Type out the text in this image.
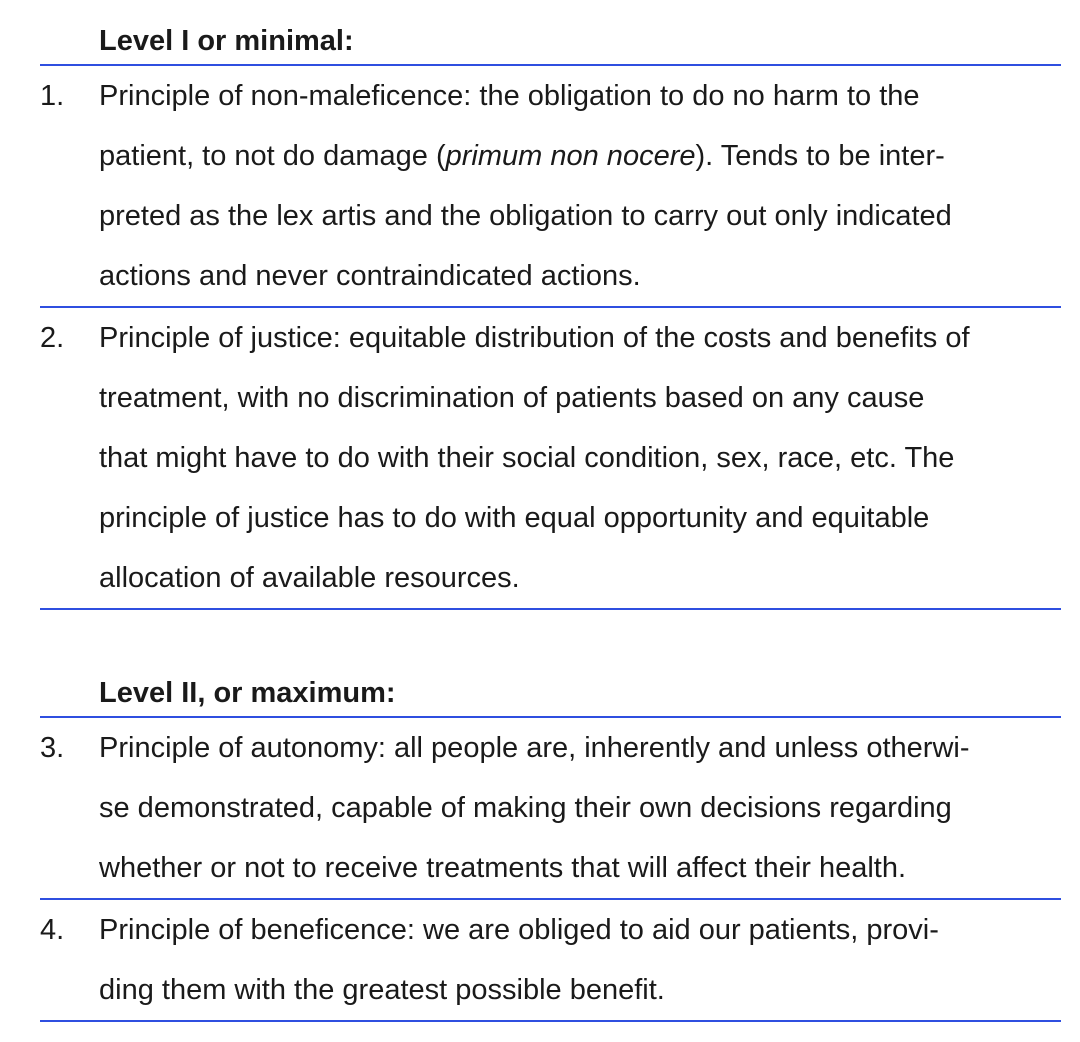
Level I or minimal:
1. Principle of non-maleficence: the obligation to do no harm to the
patient, to not do damage (primum non nocere). Tends to be inter-
preted as the lex artis and the obligation to carry out only indicated
actions and never contraindicated actions.
2. Principle of justice: equitable distribution of the costs and benefits of
treatment, with no discrimination of patients based on any cause
that might have to do with their social condition, sex, race, etc. The
principle of justice has to do with equal opportunity and equitable
allocation of available resources.
Level II, or maximum:
3. Principle of autonomy: all people are, inherently and unless otherwi-
se demonstrated, capable of making their own decisions regarding
whether or not to receive treatments that will affect their health.
4. Principle of beneficence: we are obliged to aid our patients, provi-
ding them with the greatest possible benefit.
